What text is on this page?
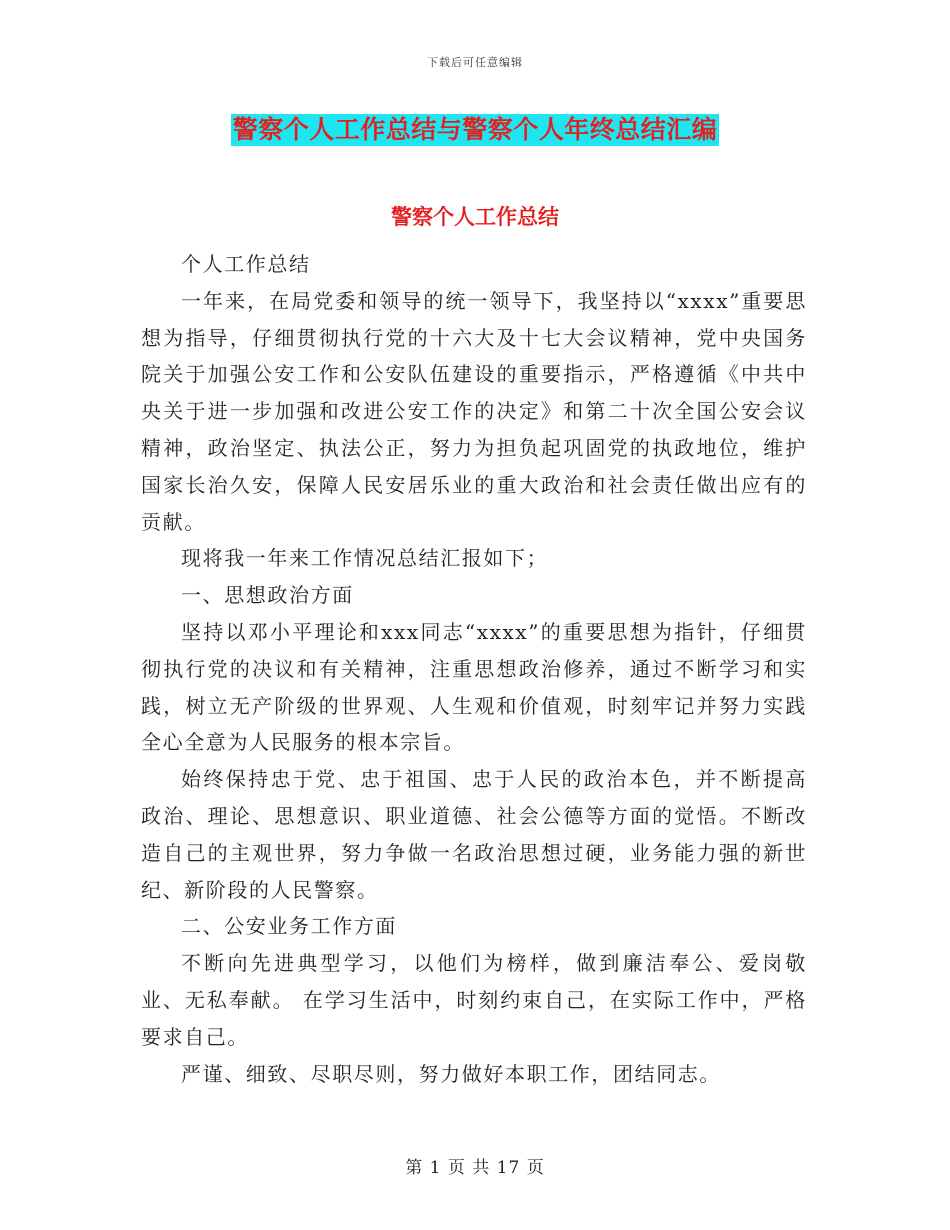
下载后可任意编辑
警察个人工作总结与警察个人年终总结汇编
警察个人工作总结

个人工作总结

一年来，在局党委和领导的统一领导下，我坚持以“xxxx”重要思想为指导，仔细贯彻执行党的十六大及十七大会议精神，党中央国务院关于加强公安工作和公安队伍建设的重要指示，严格遵循《中共中央关于进一步加强和改进公安工作的决定》和第二十次全国公安会议精神，政治坚定、执法公正，努力为担负起巩固党的执政地位，维护国家长治久安，保障人民安居乐业的重大政治和社会责任做出应有的贡献。

现将我一年来工作情况总结汇报如下；

一、思想政治方面

坚持以邓小平理论和xxx同志“xxxx”的重要思想为指针，仔细贯彻执行党的决议和有关精神，注重思想政治修养，通过不断学习和实践，树立无产阶级的世界观、人生观和价值观，时刻牢记并努力实践全心全意为人民服务的根本宗旨。

始终保持忠于党、忠于祖国、忠于人民的政治本色，并不断提高政治、理论、思想意识、职业道德、社会公德等方面的觉悟。不断改造自己的主观世界，努力争做一名政治思想过硬，业务能力强的新世纪、新阶段的人民警察。

二、公安业务工作方面

不断向先进典型学习，以他们为榜样，做到廉洁奉公、爱岗敬业、无私奉献。 在学习生活中，时刻约束自己，在实际工作中，严格要求自己。

严谨、细致、尽职尽则，努力做好本职工作，团结同志。

第 1 页 共 17 页
